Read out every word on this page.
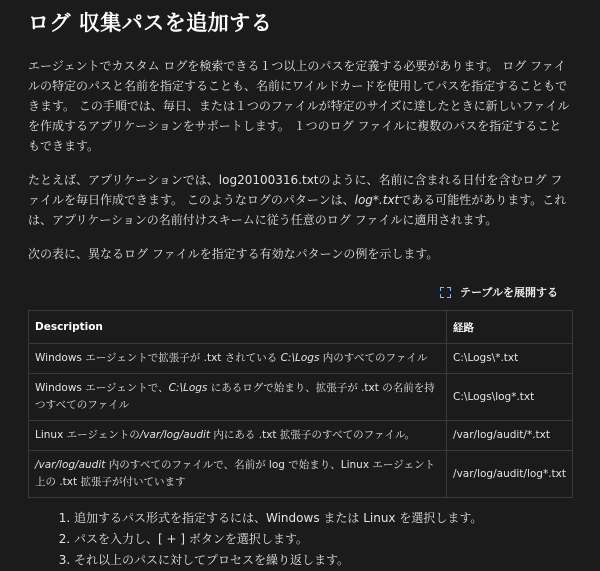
ログ 収集パスを追加する

エージェントでカスタム ログを検索できる１つ以上のパスを定義する必要があります。 ログ ファイルの特定のパスと名前を指定することも、名前にワイルドカードを使用してパスを指定することもできます。 この手順では、毎日、または１つのファイルが特定のサイズに達したときに新しいファイルを作成するアプリケーションをサポートします。 １つのログ ファイルに複数のパスを指定することもできます。

たとえば、アプリケーションでは、log20100316.txtのように、名前に含まれる日付を含むログ ファイルを毎日作成できます。 このようなログのパターンは、log*.txtである可能性があります。これは、アプリケーションの名前付けスキームに従う任意のログ ファイルに適用されます。

次の表に、異なるログ ファイルを指定する有効なパターンの例を示します。

テーブルを展開する
Description	経路
Windows エージェントで拡張子が .txt されている C:\Logs 内のすべてのファイル	C:\Logs\*.txt
Windows エージェントで、C:\Logs にあるログで始まり、拡張子が .txt の名前を持つすべてのファイル	C:\Logs\log*.txt
Linux エージェントの/var/log/audit 内にある .txt 拡張子のすべてのファイル。	/var/log/audit/*.txt
/var/log/audit 内のすべてのファイルで、名前が log で始まり、Linux エージェント上の .txt 拡張子が付いています	/var/log/audit/log*.txt
1. 追加するパス形式を指定するには、Windows または Linux を選択します。
2. パスを入力し、[ + ] ボタンを選択します。
3. それ以上のパスに対してプロセスを繰り返します。
